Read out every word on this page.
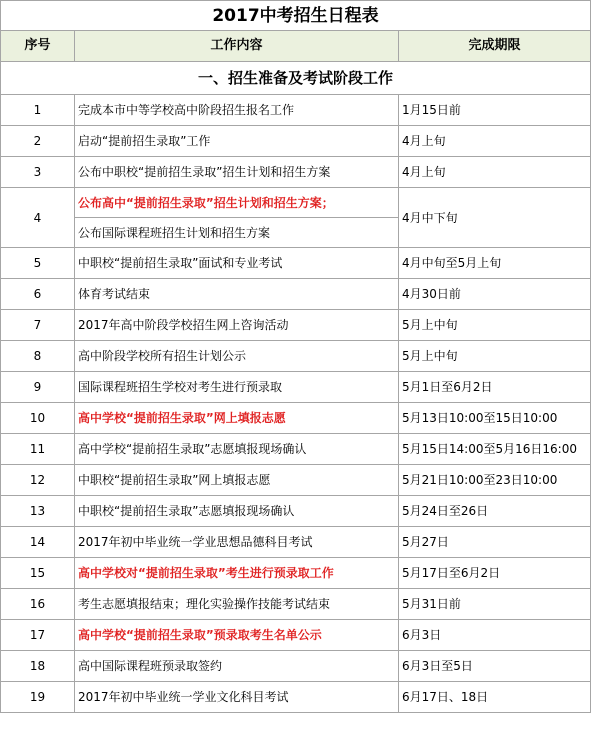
2017中考招生日程表		
序号	工作内容	完成期限
一、招生准备及考试阶段工作		
1	完成本市中等学校高中阶段招生报名工作	1月15日前
2	启动“提前招生录取”工作	4月上旬
3	公布中职校“提前招生录取”招生计划和招生方案	4月上旬
4	公布高中“提前招生录取”招生计划和招生方案；	4月中下旬
	公布国际课程班招生计划和招生方案	
5	中职校“提前招生录取”面试和专业考试	4月中旬至5月上旬
6	体育考试结束	4月30日前
7	2017年高中阶段学校招生网上咨询活动	5月上中旬
8	高中阶段学校所有招生计划公示	5月上中旬
9	国际课程班招生学校对考生进行预录取	5月1日至6月2日
10	高中学校“提前招生录取”网上填报志愿	5月13日10:00至15日10:00
11	高中学校“提前招生录取”志愿填报现场确认	5月15日14:00至5月16日16:00
12	中职校“提前招生录取”网上填报志愿	5月21日10:00至23日10:00
13	中职校“提前招生录取”志愿填报现场确认	5月24日至26日
14	2017年初中毕业统一学业思想品德科目考试	5月27日
15	高中学校对“提前招生录取”考生进行预录取工作	5月17日至6月2日
16	考生志愿填报结束；理化实验操作技能考试结束	5月31日前
17	高中学校“提前招生录取”预录取考生名单公示	6月3日
18	高中国际课程班预录取签约	6月3日至5日
19	2017年初中毕业统一学业文化科目考试	6月17日、18日
